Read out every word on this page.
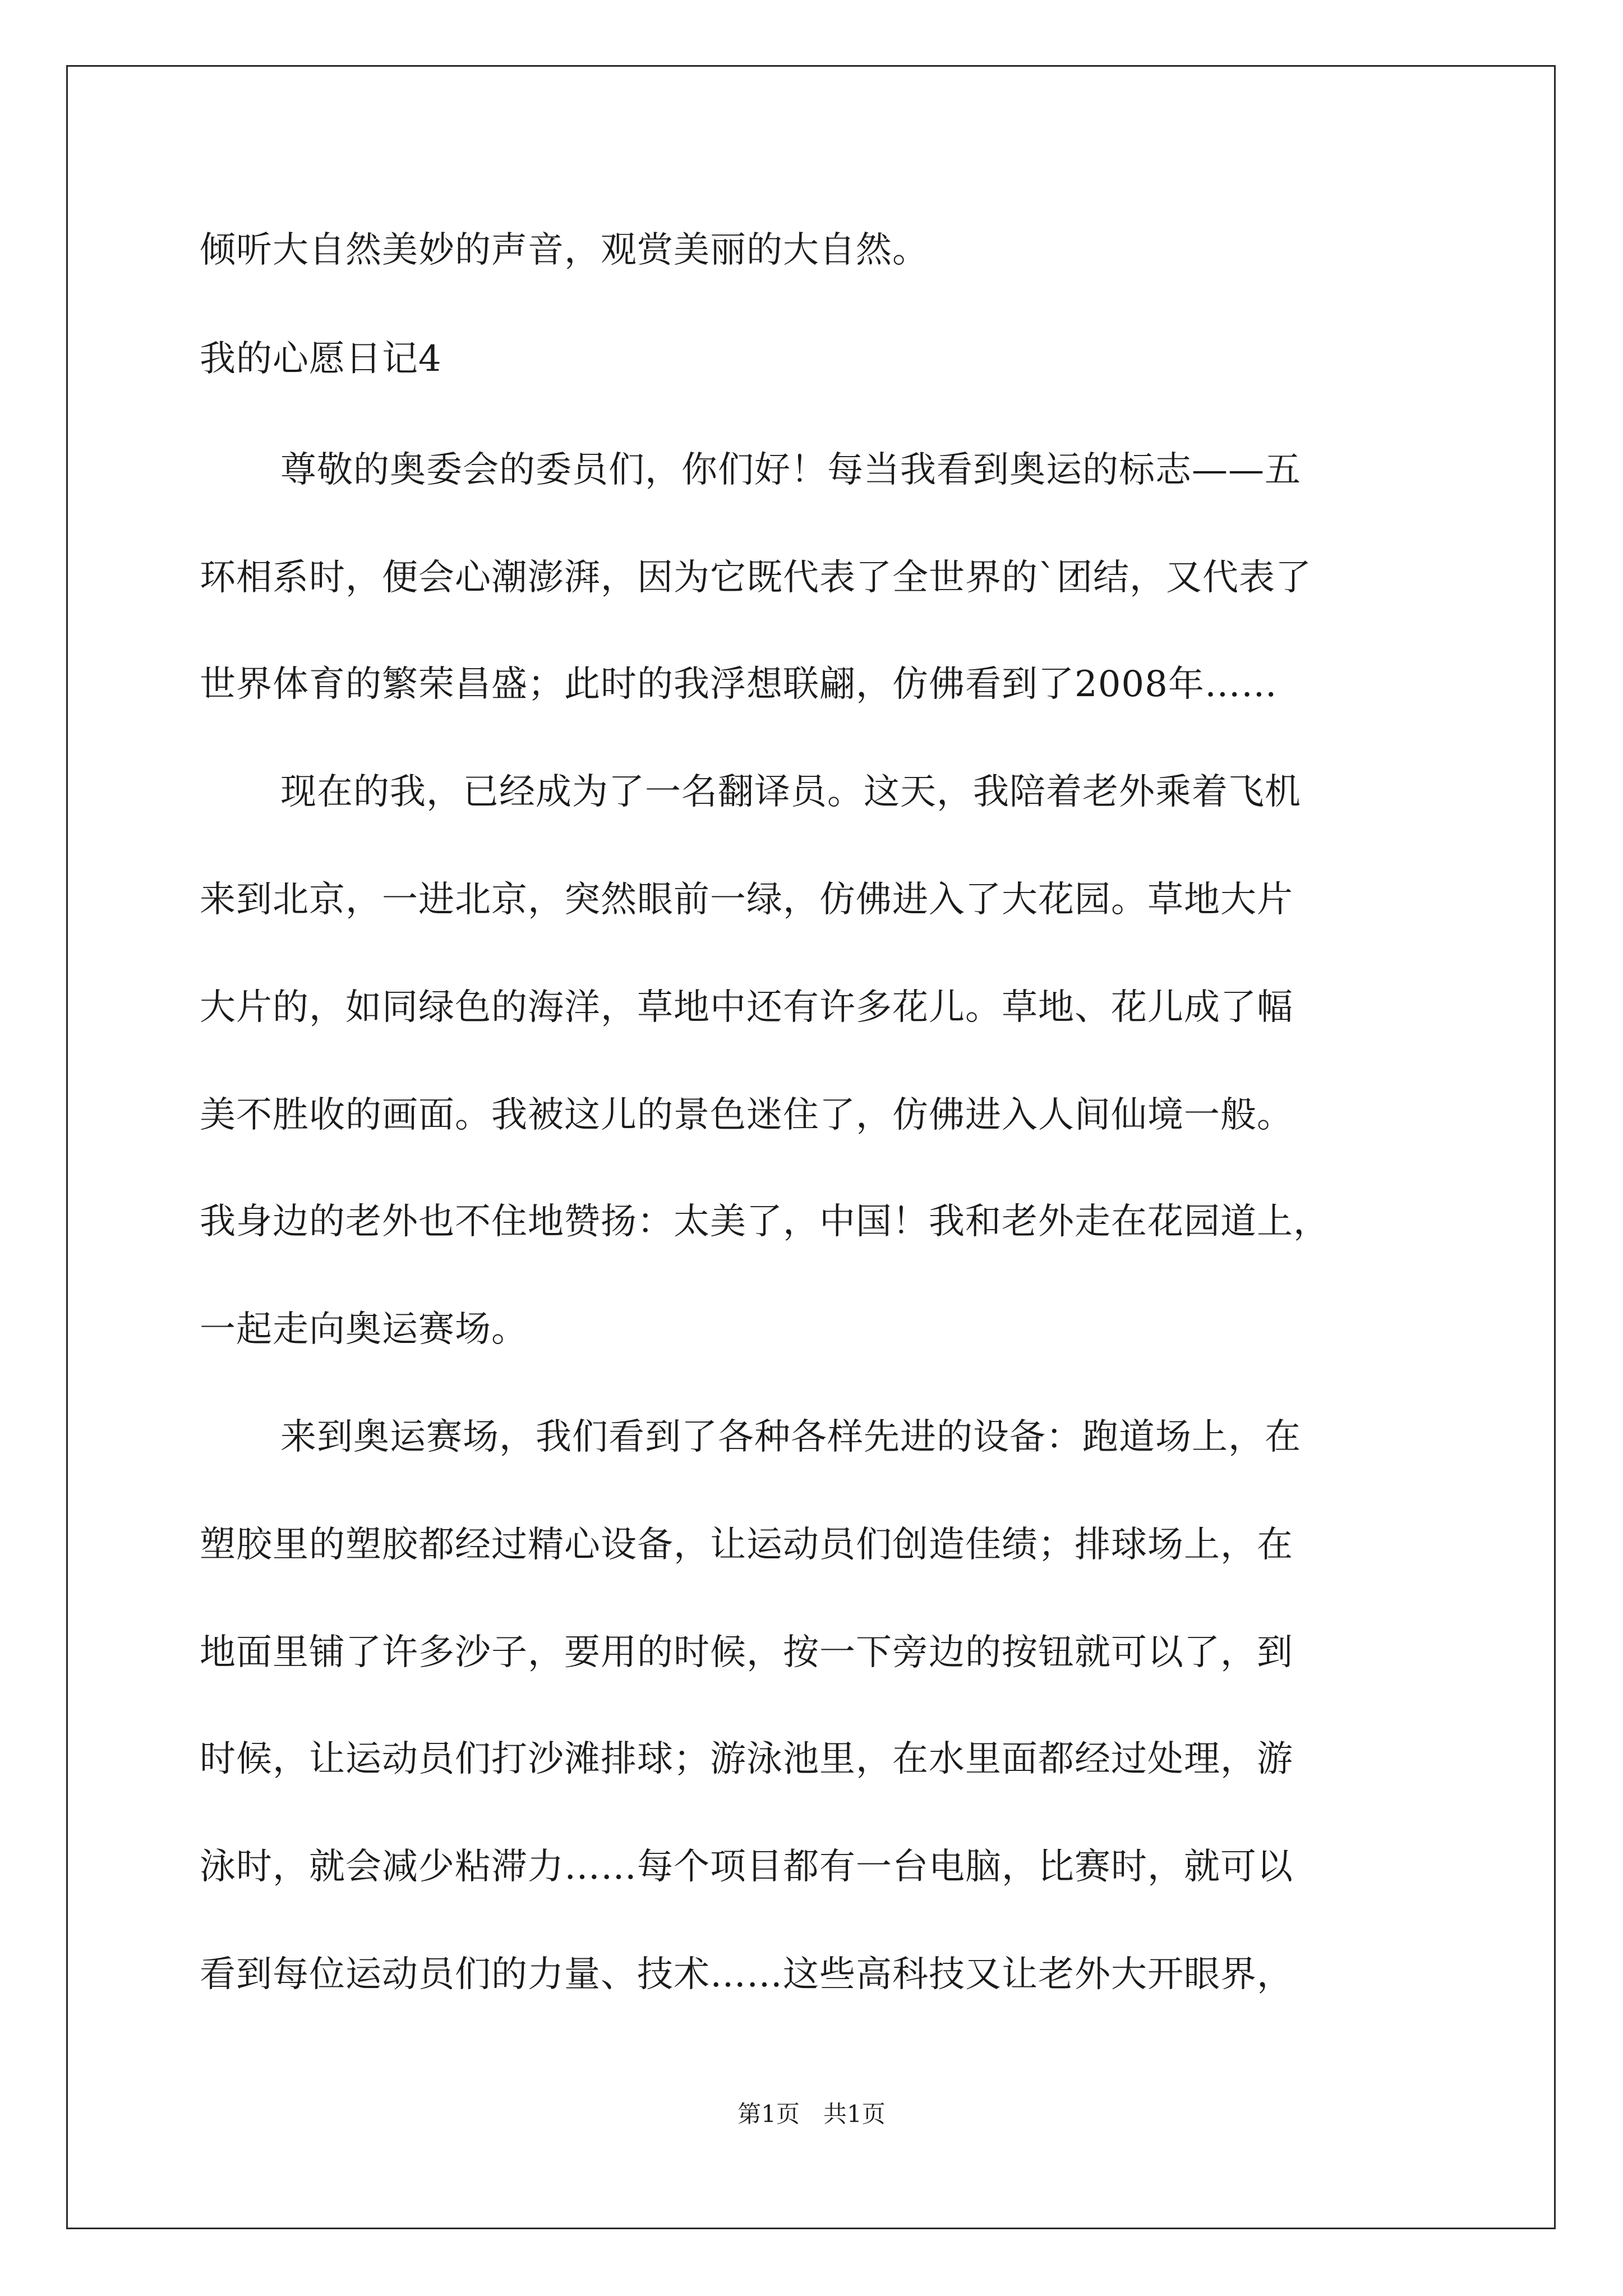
倾听大自然美妙的声音，观赏美丽的大自然。
我的心愿日记4
尊敬的奥委会的委员们，你们好！每当我看到奥运的标志——五
环相系时，便会心潮澎湃，因为它既代表了全世界的`团结，又代表了
世界体育的繁荣昌盛；此时的我浮想联翩，仿佛看到了2008年……
现在的我，已经成为了一名翻译员。这天，我陪着老外乘着飞机
来到北京，一进北京，突然眼前一绿，仿佛进入了大花园。草地大片
大片的，如同绿色的海洋，草地中还有许多花儿。草地、花儿成了幅
美不胜收的画面。我被这儿的景色迷住了，仿佛进入人间仙境一般。
我身边的老外也不住地赞扬：太美了，中国！我和老外走在花园道上，
一起走向奥运赛场。
来到奥运赛场，我们看到了各种各样先进的设备：跑道场上，在
塑胶里的塑胶都经过精心设备，让运动员们创造佳绩；排球场上，在
地面里铺了许多沙子，要用的时候，按一下旁边的按钮就可以了，到
时候，让运动员们打沙滩排球；游泳池里，在水里面都经过处理，游
泳时，就会减少粘滞力……每个项目都有一台电脑，比赛时，就可以
看到每位运动员们的力量、技术……这些高科技又让老外大开眼界，
第1页　共1页
